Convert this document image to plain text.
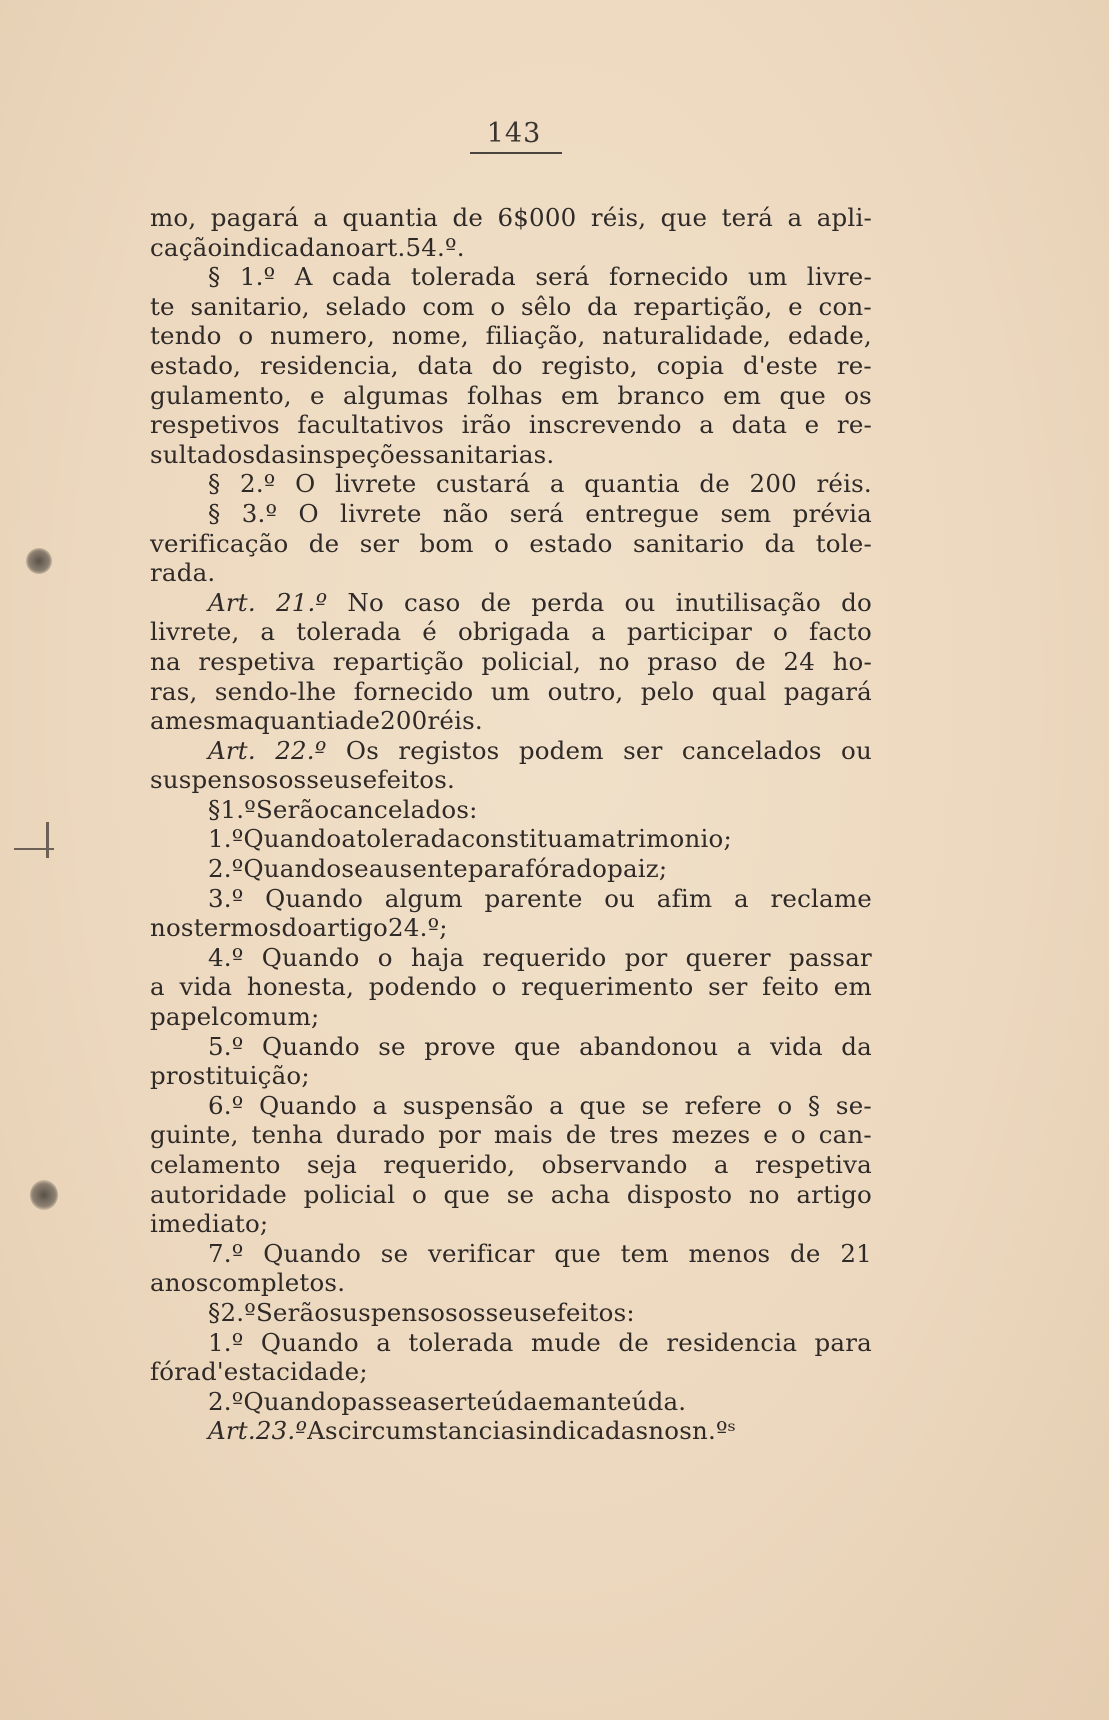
143
mo, pagará a quantia de 6$000 réis, que terá a apli-
cação indicada no art. 54.º.
§ 1.º A cada tolerada será fornecido um livre-
te sanitario, selado com o sêlo da repartição, e con-
tendo o numero, nome, filiação, naturalidade, edade,
estado, residencia, data do registo, copia d'este re-
gulamento, e algumas folhas em branco em que os
respetivos facultativos irão inscrevendo a data e re-
sultados das inspeções sanitarias.
§ 2.º O livrete custará a quantia de 200 réis.
§ 3.º O livrete não será entregue sem prévia
verificação de ser bom o estado sanitario da tole-
rada.
Art. 21.º No caso de perda ou inutilisação do
livrete, a tolerada é obrigada a participar o facto
na respetiva repartição policial, no praso de 24 ho-
ras, sendo-lhe fornecido um outro, pelo qual pagará
a mesma quantia de 200 réis.
Art. 22.º Os registos podem ser cancelados ou
suspensos os seus efeitos.
§ 1.º Serão cancelados:
1.º Quando a tolerada constitua matrimonio;
2.º Quando se ausente para fóra do paiz;
3.º Quando algum parente ou afim a reclame
nos termos do artigo 24.º;
4.º Quando o haja requerido por querer passar
a vida honesta, podendo o requerimento ser feito em
papel comum;
5.º Quando se prove que abandonou a vida da
prostituição;
6.º Quando a suspensão a que se refere o § se-
guinte, tenha durado por mais de tres mezes e o can-
celamento seja requerido, observando a respetiva
autoridade policial o que se acha disposto no artigo
imediato;
7.º Quando se verificar que tem menos de 21
anos completos.
§ 2.º Serão suspensos os seus efeitos:
1.º Quando a tolerada mude de residencia para
fóra d'esta cidade;
2.º Quando passe a ser teúda e manteúda.
Art. 23.º As circumstancias indicadas nos n.ºˢ
